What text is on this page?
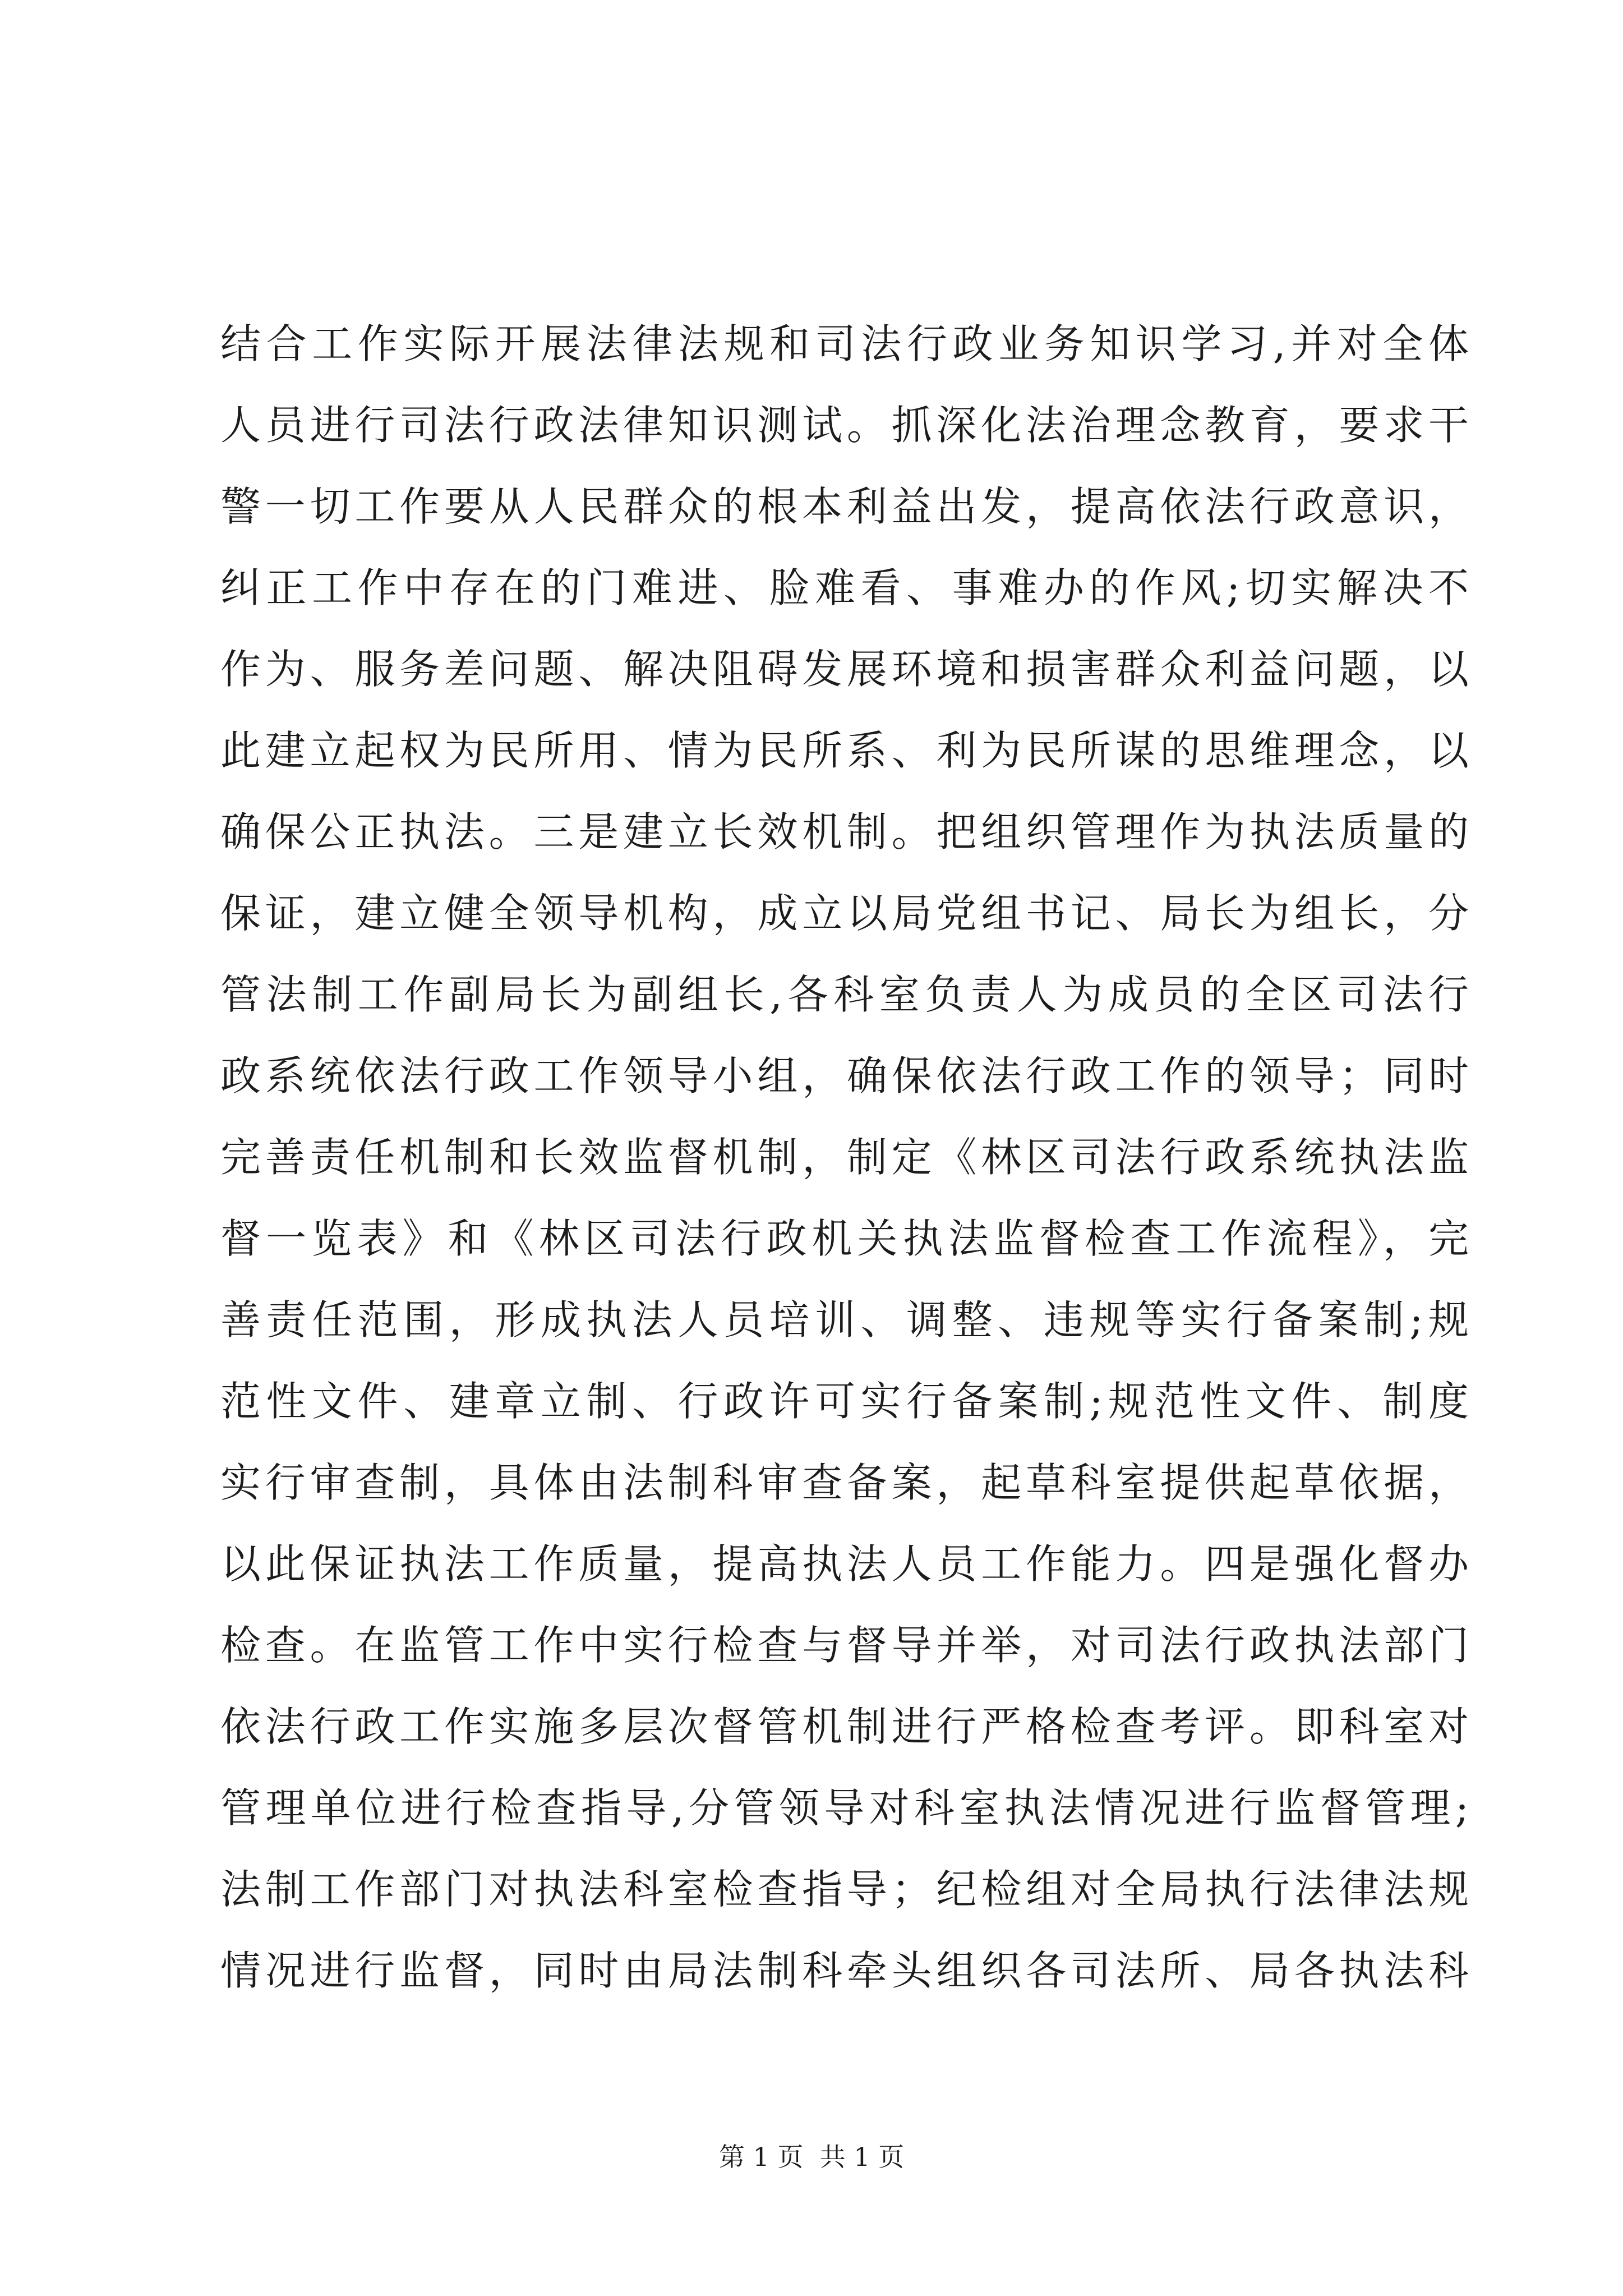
结合工作实际开展法律法规和司法行政业务知识学习,并对全体
人员进行司法行政法律知识测试。抓深化法治理念教育，要求干
警一切工作要从人民群众的根本利益出发，提高依法行政意识，
纠正工作中存在的门难进、脸难看、事难办的作风;切实解决不
作为、服务差问题、解决阻碍发展环境和损害群众利益问题，以
此建立起权为民所用、情为民所系、利为民所谋的思维理念，以
确保公正执法。三是建立长效机制。把组织管理作为执法质量的
保证，建立健全领导机构，成立以局党组书记、局长为组长，分
管法制工作副局长为副组长,各科室负责人为成员的全区司法行
政系统依法行政工作领导小组，确保依法行政工作的领导；同时
完善责任机制和长效监督机制，制定《林区司法行政系统执法监
督一览表》和《林区司法行政机关执法监督检查工作流程》，完
善责任范围，形成执法人员培训、调整、违规等实行备案制;规
范性文件、建章立制、行政许可实行备案制;规范性文件、制度
实行审查制，具体由法制科审查备案，起草科室提供起草依据，
以此保证执法工作质量，提高执法人员工作能力。四是强化督办
检查。在监管工作中实行检查与督导并举，对司法行政执法部门
依法行政工作实施多层次督管机制进行严格检查考评。即科室对
管理单位进行检查指导,分管领导对科室执法情况进行监督管理;
法制工作部门对执法科室检查指导；纪检组对全局执行法律法规
情况进行监督，同时由局法制科牵头组织各司法所、局各执法科
第 1 页  共 1 页
